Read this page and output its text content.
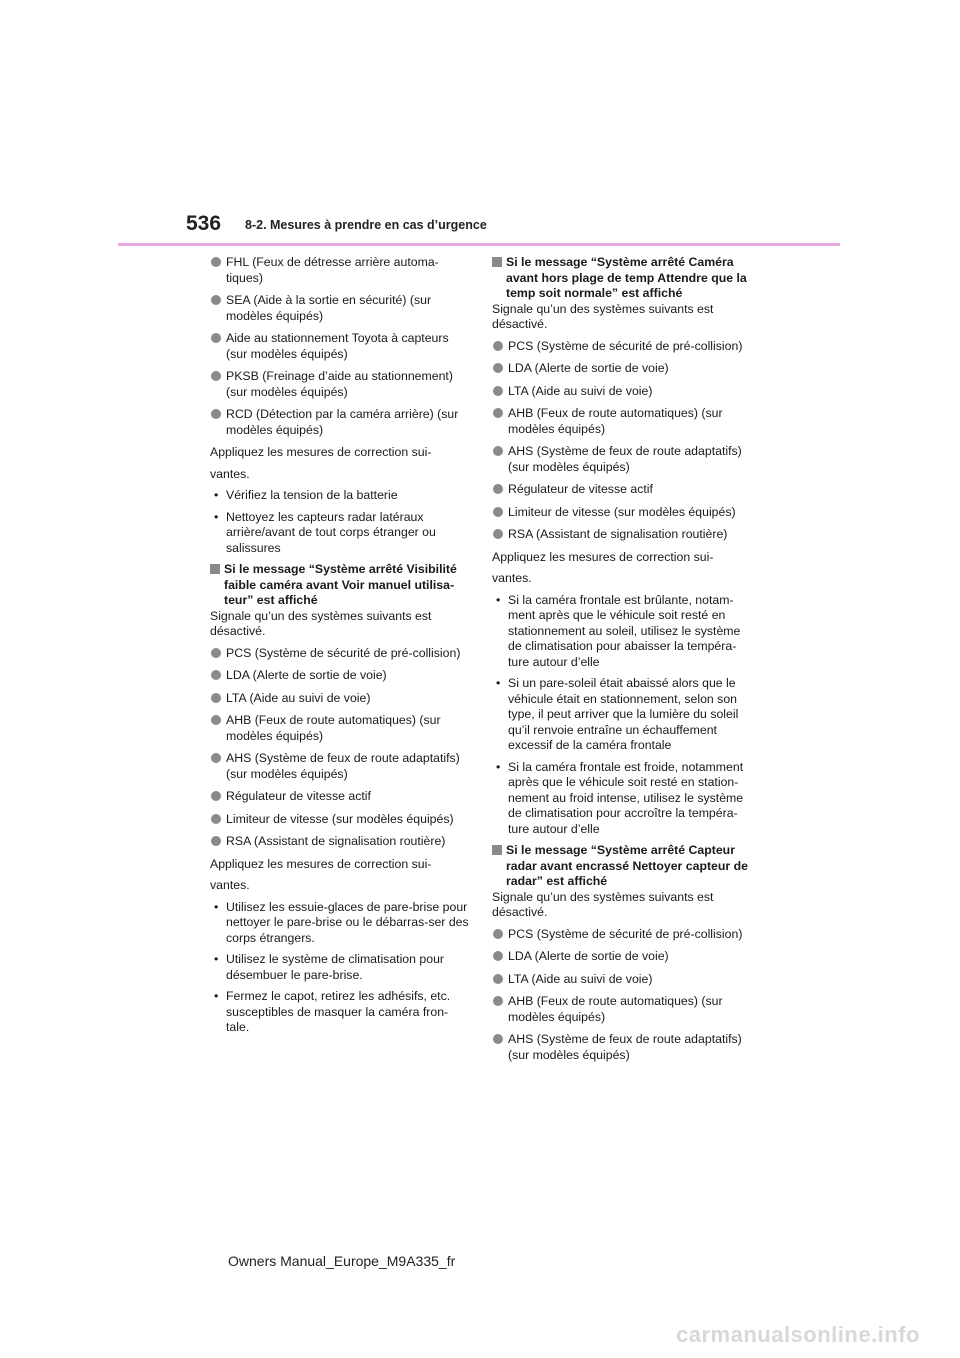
536 8-2. Mesures à prendre en cas d’urgence
FHL (Feux de détresse arrière automa-tiques)
SEA (Aide à la sortie en sécurité) (sur modèles équipés)
Aide au stationnement Toyota à capteurs (sur modèles équipés)
PKSB (Freinage d’aide au stationnement) (sur modèles équipés)
RCD (Détection par la caméra arrière) (sur modèles équipés)
Appliquez les mesures de correction sui-
vantes.
• Vérifiez la tension de la batterie
• Nettoyez les capteurs radar latéraux arrière/avant de tout corps étranger ou salissures
Si le message “Système arrêté Visibilité faible caméra avant Voir manuel utilisa-teur” est affiché
Signale qu’un des systèmes suivants est désactivé.
PCS (Système de sécurité de pré-collision)
LDA (Alerte de sortie de voie)
LTA (Aide au suivi de voie)
AHB (Feux de route automatiques) (sur modèles équipés)
AHS (Système de feux de route adaptatifs) (sur modèles équipés)
Régulateur de vitesse actif
Limiteur de vitesse (sur modèles équipés)
RSA (Assistant de signalisation routière)
Appliquez les mesures de correction sui-
vantes.
• Utilisez les essuie-glaces de pare-brise pour nettoyer le pare-brise ou le débarras-ser des corps étrangers.
• Utilisez le système de climatisation pour désembuer le pare-brise.
• Fermez le capot, retirez les adhésifs, etc. susceptibles de masquer la caméra fron-tale.
Si le message “Système arrêté Caméra avant hors plage de temp Attendre que la temp soit normale” est affiché
Signale qu’un des systèmes suivants est désactivé.
PCS (Système de sécurité de pré-collision)
LDA (Alerte de sortie de voie)
LTA (Aide au suivi de voie)
AHB (Feux de route automatiques) (sur modèles équipés)
AHS (Système de feux de route adaptatifs) (sur modèles équipés)
Régulateur de vitesse actif
Limiteur de vitesse (sur modèles équipés)
RSA (Assistant de signalisation routière)
Appliquez les mesures de correction sui-
vantes.
• Si la caméra frontale est brûlante, notam-ment après que le véhicule soit resté en stationnement au soleil, utilisez le système de climatisation pour abaisser la tempéra-ture autour d’elle
• Si un pare-soleil était abaissé alors que le véhicule était en stationnement, selon son type, il peut arriver que la lumière du soleil qu’il renvoie entraîne un échauffement excessif de la caméra frontale
• Si la caméra frontale est froide, notamment après que le véhicule soit resté en station-nement au froid intense, utilisez le système de climatisation pour accroître la tempéra-ture autour d’elle
Si le message “Système arrêté Capteur radar avant encrassé Nettoyer capteur de radar” est affiché
Signale qu’un des systèmes suivants est désactivé.
PCS (Système de sécurité de pré-collision)
LDA (Alerte de sortie de voie)
LTA (Aide au suivi de voie)
AHB (Feux de route automatiques) (sur modèles équipés)
AHS (Système de feux de route adaptatifs) (sur modèles équipés)
Owners Manual_Europe_M9A335_fr
carmanualsonline.info
